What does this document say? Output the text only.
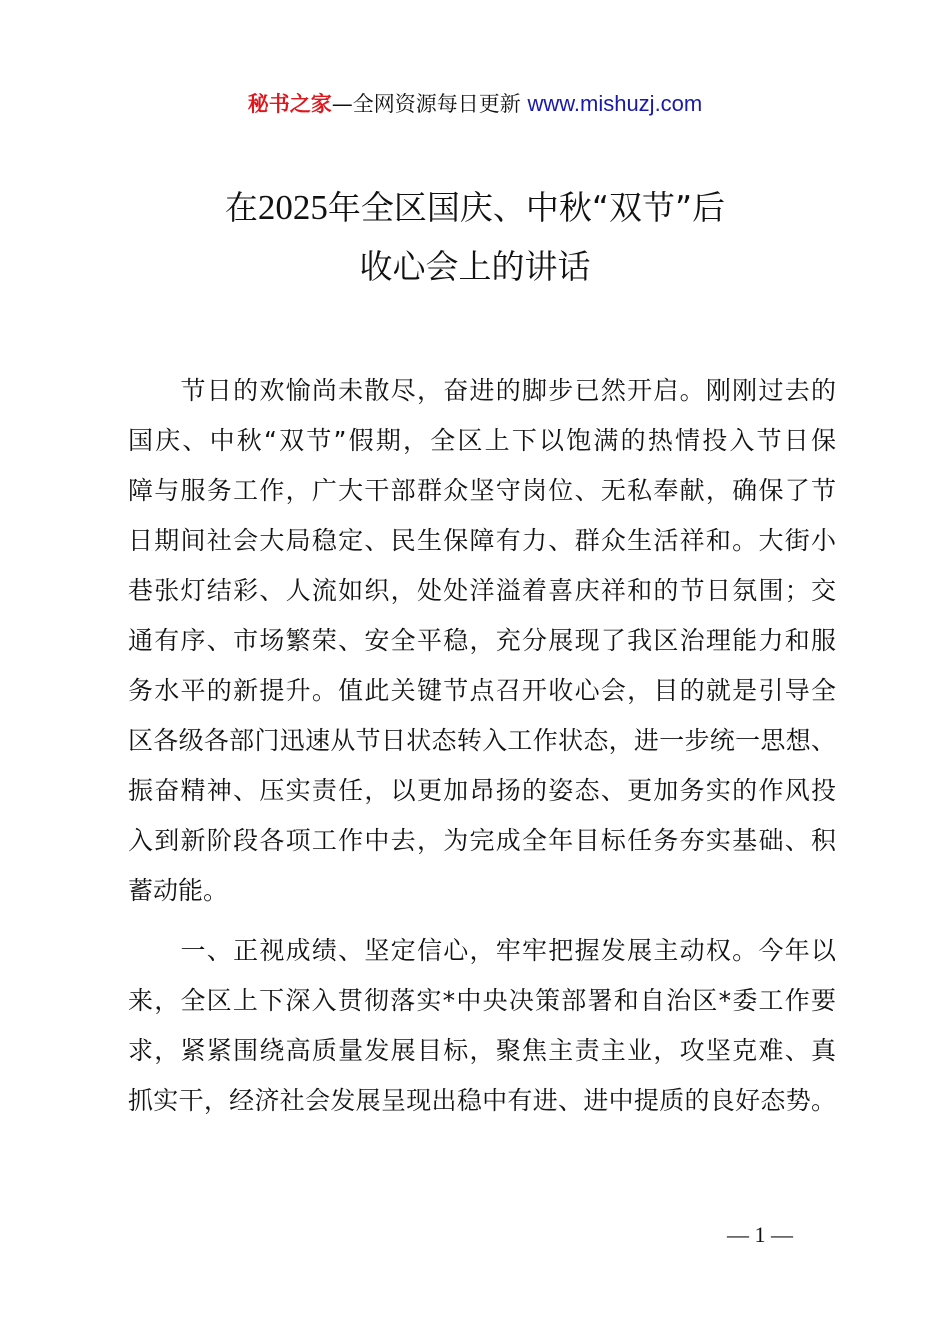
秘书之家—全网资源每日更新 www.mishuzj.com
在2025年全区国庆、中秋“双节”后
收心会上的讲话
　　节日的欢愉尚未散尽，奋进的脚步已然开启。刚刚过去的
国庆、中秋“双节”假期，全区上下以饱满的热情投入节日保
障与服务工作，广大干部群众坚守岗位、无私奉献，确保了节
日期间社会大局稳定、民生保障有力、群众生活祥和。大街小
巷张灯结彩、人流如织，处处洋溢着喜庆祥和的节日氛围；交
通有序、市场繁荣、安全平稳，充分展现了我区治理能力和服
务水平的新提升。值此关键节点召开收心会，目的就是引导全
区各级各部门迅速从节日状态转入工作状态，进一步统一思想、
振奋精神、压实责任，以更加昂扬的姿态、更加务实的作风投
入到新阶段各项工作中去，为完成全年目标任务夯实基础、积
蓄动能。
　　一、正视成绩、坚定信心，牢牢把握发展主动权。今年以
来，全区上下深入贯彻落实*中央决策部署和自治区*委工作要
求，紧紧围绕高质量发展目标，聚焦主责主业，攻坚克难、真
抓实干，经济社会发展呈现出稳中有进、进中提质的良好态势。
— 1 —
